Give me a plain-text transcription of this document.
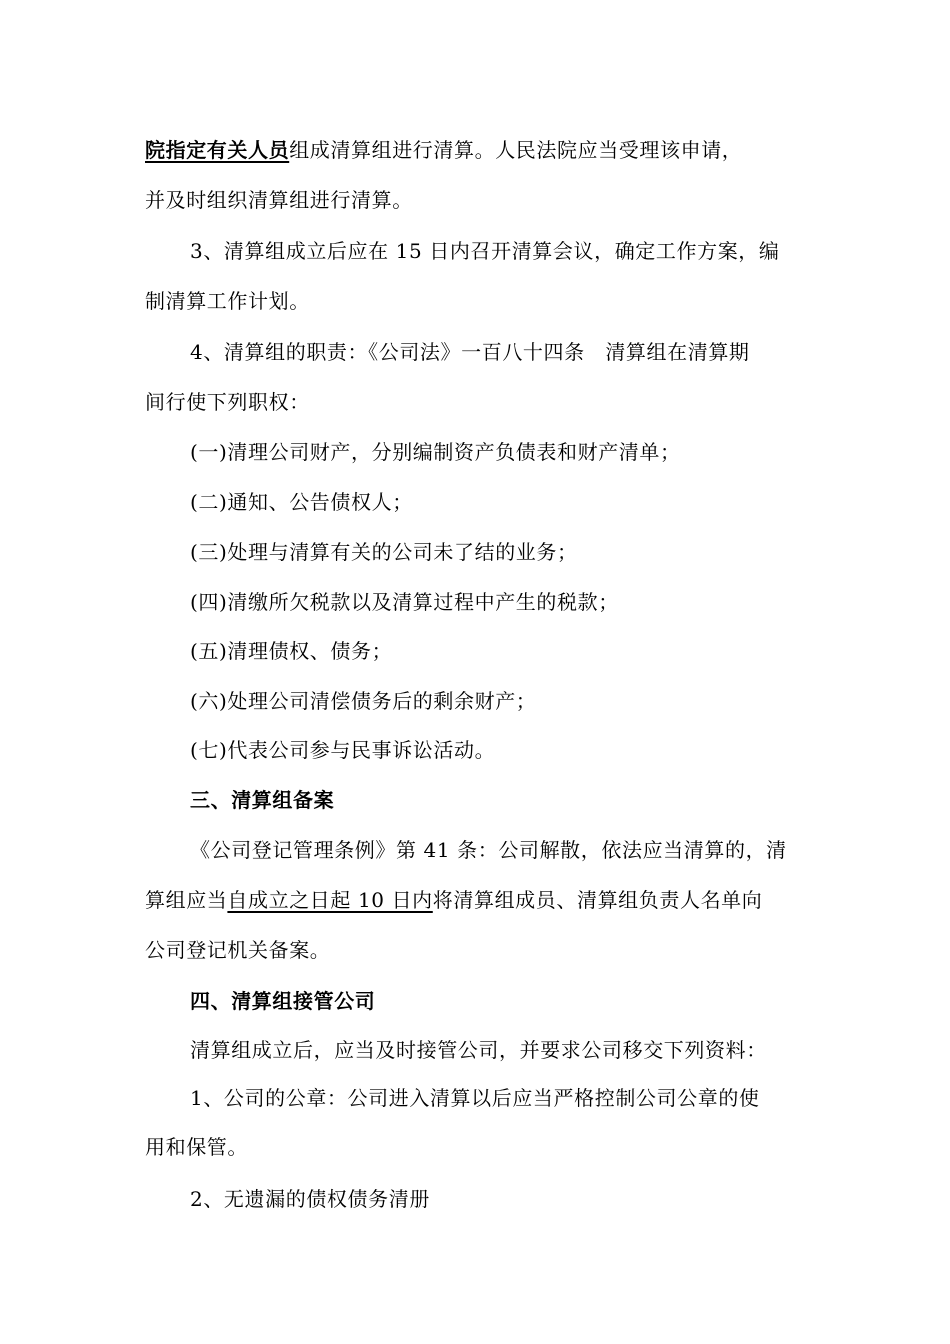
院指定有关人员组成清算组进行清算。人民法院应当受理该申请，
并及时组织清算组进行清算。
3、清算组成立后应在 15 日内召开清算会议，确定工作方案，编
制清算工作计划。
4、清算组的职责：《公司法》一百八十四条　清算组在清算期
间行使下列职权：
(一)清理公司财产，分别编制资产负债表和财产清单；
(二)通知、公告债权人；
(三)处理与清算有关的公司未了结的业务；
(四)清缴所欠税款以及清算过程中产生的税款；
(五)清理债权、债务；
(六)处理公司清偿债务后的剩余财产；
(七)代表公司参与民事诉讼活动。
三、清算组备案
《公司登记管理条例》第 41 条：公司解散，依法应当清算的，清
算组应当自成立之日起 10 日内将清算组成员、清算组负责人名单向
公司登记机关备案。
四、清算组接管公司
清算组成立后，应当及时接管公司，并要求公司移交下列资料：
1、公司的公章：公司进入清算以后应当严格控制公司公章的使
用和保管。
2、无遗漏的债权债务清册
